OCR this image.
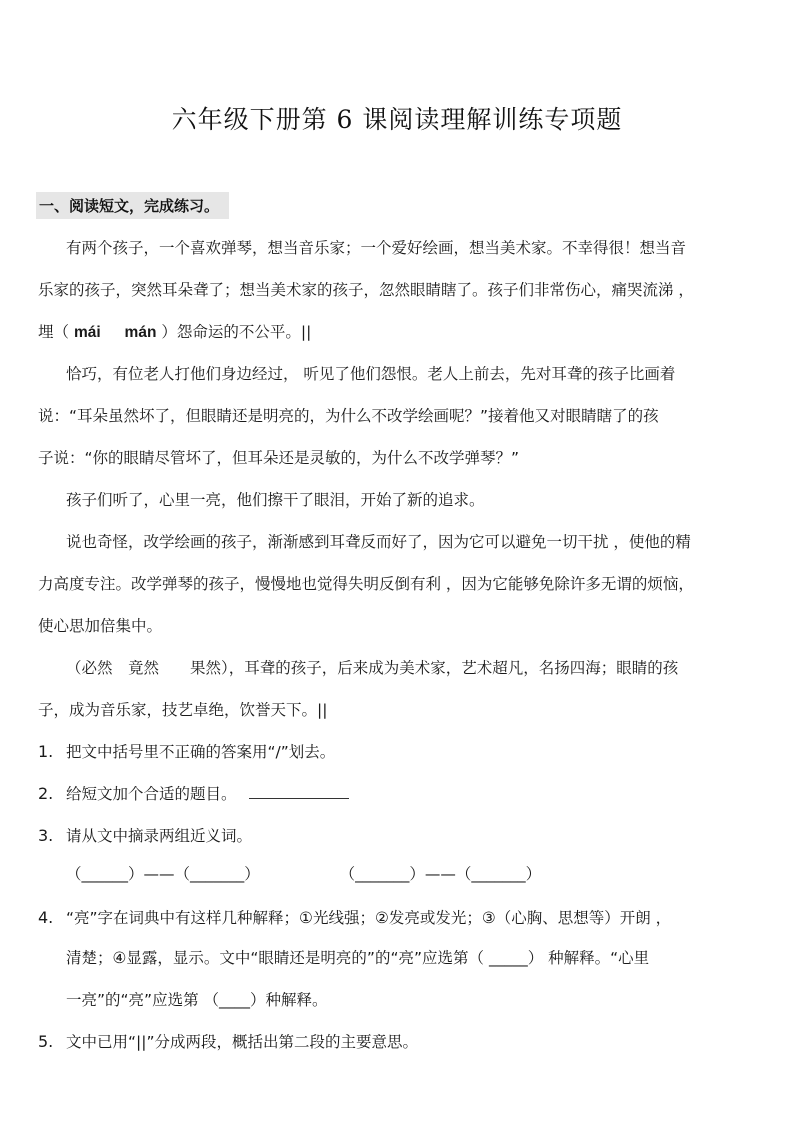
六年级下册第 6 课阅读理解训练专项题
一、阅读短文，完成练习。
有两个孩子，一个喜欢弹琴，想当音乐家；一个爱好绘画，想当美术家。不幸得很！想当音
乐家的孩子，突然耳朵聋了；想当美术家的孩子，忽然眼睛瞎了。孩子们非常伤心，痛哭流涕 ，
埋（ mái mán ）怨命运的不公平。||
恰巧，有位老人打他们身边经过， 听见了他们怨恨。老人上前去，先对耳聋的孩子比画着
说：“耳朵虽然坏了，但眼睛还是明亮的，为什么不改学绘画呢？”接着他又对眼睛瞎了的孩
子说：“你的眼睛尽管坏了，但耳朵还是灵敏的，为什么不改学弹琴？”
孩子们听了，心里一亮，他们擦干了眼泪，开始了新的追求。
说也奇怪，改学绘画的孩子，渐渐感到耳聋反而好了，因为它可以避免一切干扰 ，使他的精
力高度专注。改学弹琴的孩子，慢慢地也觉得失明反倒有利 ，因为它能够免除许多无谓的烦恼，
使心思加倍集中。
（必然　竟然　　果然），耳聋的孩子，后来成为美术家，艺术超凡，名扬四海；眼睛的孩
子，成为音乐家，技艺卓绝，饮誉天下。||
1. 把文中括号里不正确的答案用“/”划去。
2. 给短文加个合适的题目。
3. 请从文中摘录两组近义词。
（______）——（_______）	（_______）——（_______）
4. “亮”字在词典中有这样几种解释；①光线强；②发亮或发光；③（心胸、思想等）开朗 ，
清楚；④显露，显示。文中“眼睛还是明亮的”的“亮”应选第（ _____） 种解释。“心里
一亮”的“亮”应选第 （____）种解释。
5. 文中已用“||”分成两段，概括出第二段的主要意思。
